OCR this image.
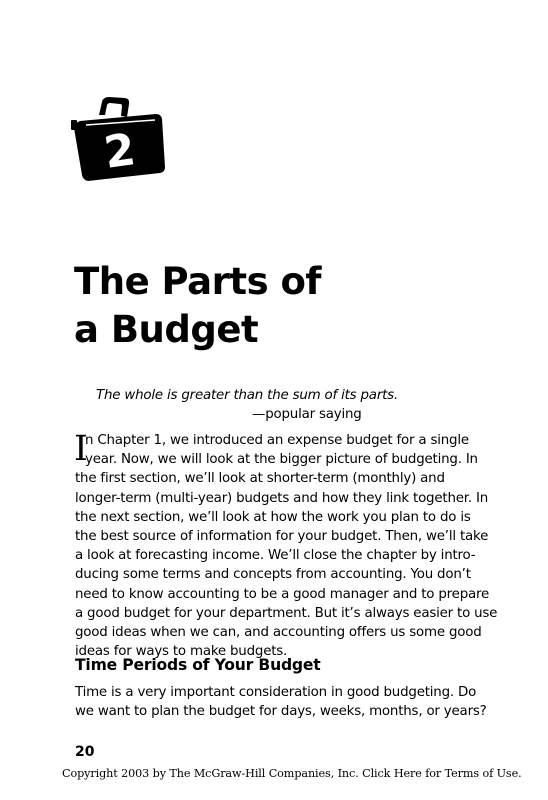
2
The Parts of
a Budget
The whole is greater than the sum of its parts.
—popular saying
I
n Chapter 1, we introduced an expense budget for a single
year. Now, we will look at the bigger picture of budgeting. In
the first section, we’ll look at shorter-term (monthly) and
longer-term (multi-year) budgets and how they link together. In
the next section, we’ll look at how the work you plan to do is
the best source of information for your budget. Then, we’ll take
a look at forecasting income. We’ll close the chapter by intro-
ducing some terms and concepts from accounting. You don’t
need to know accounting to be a good manager and to prepare
a good budget for your department. But it’s always easier to use
good ideas when we can, and accounting offers us some good
ideas for ways to make budgets.
Time Periods of Your Budget
Time is a very important consideration in good budgeting. Do
we want to plan the budget for days, weeks, months, or years?
20
Copyright 2003 by The McGraw-Hill Companies, Inc. Click Here for Terms of Use.
